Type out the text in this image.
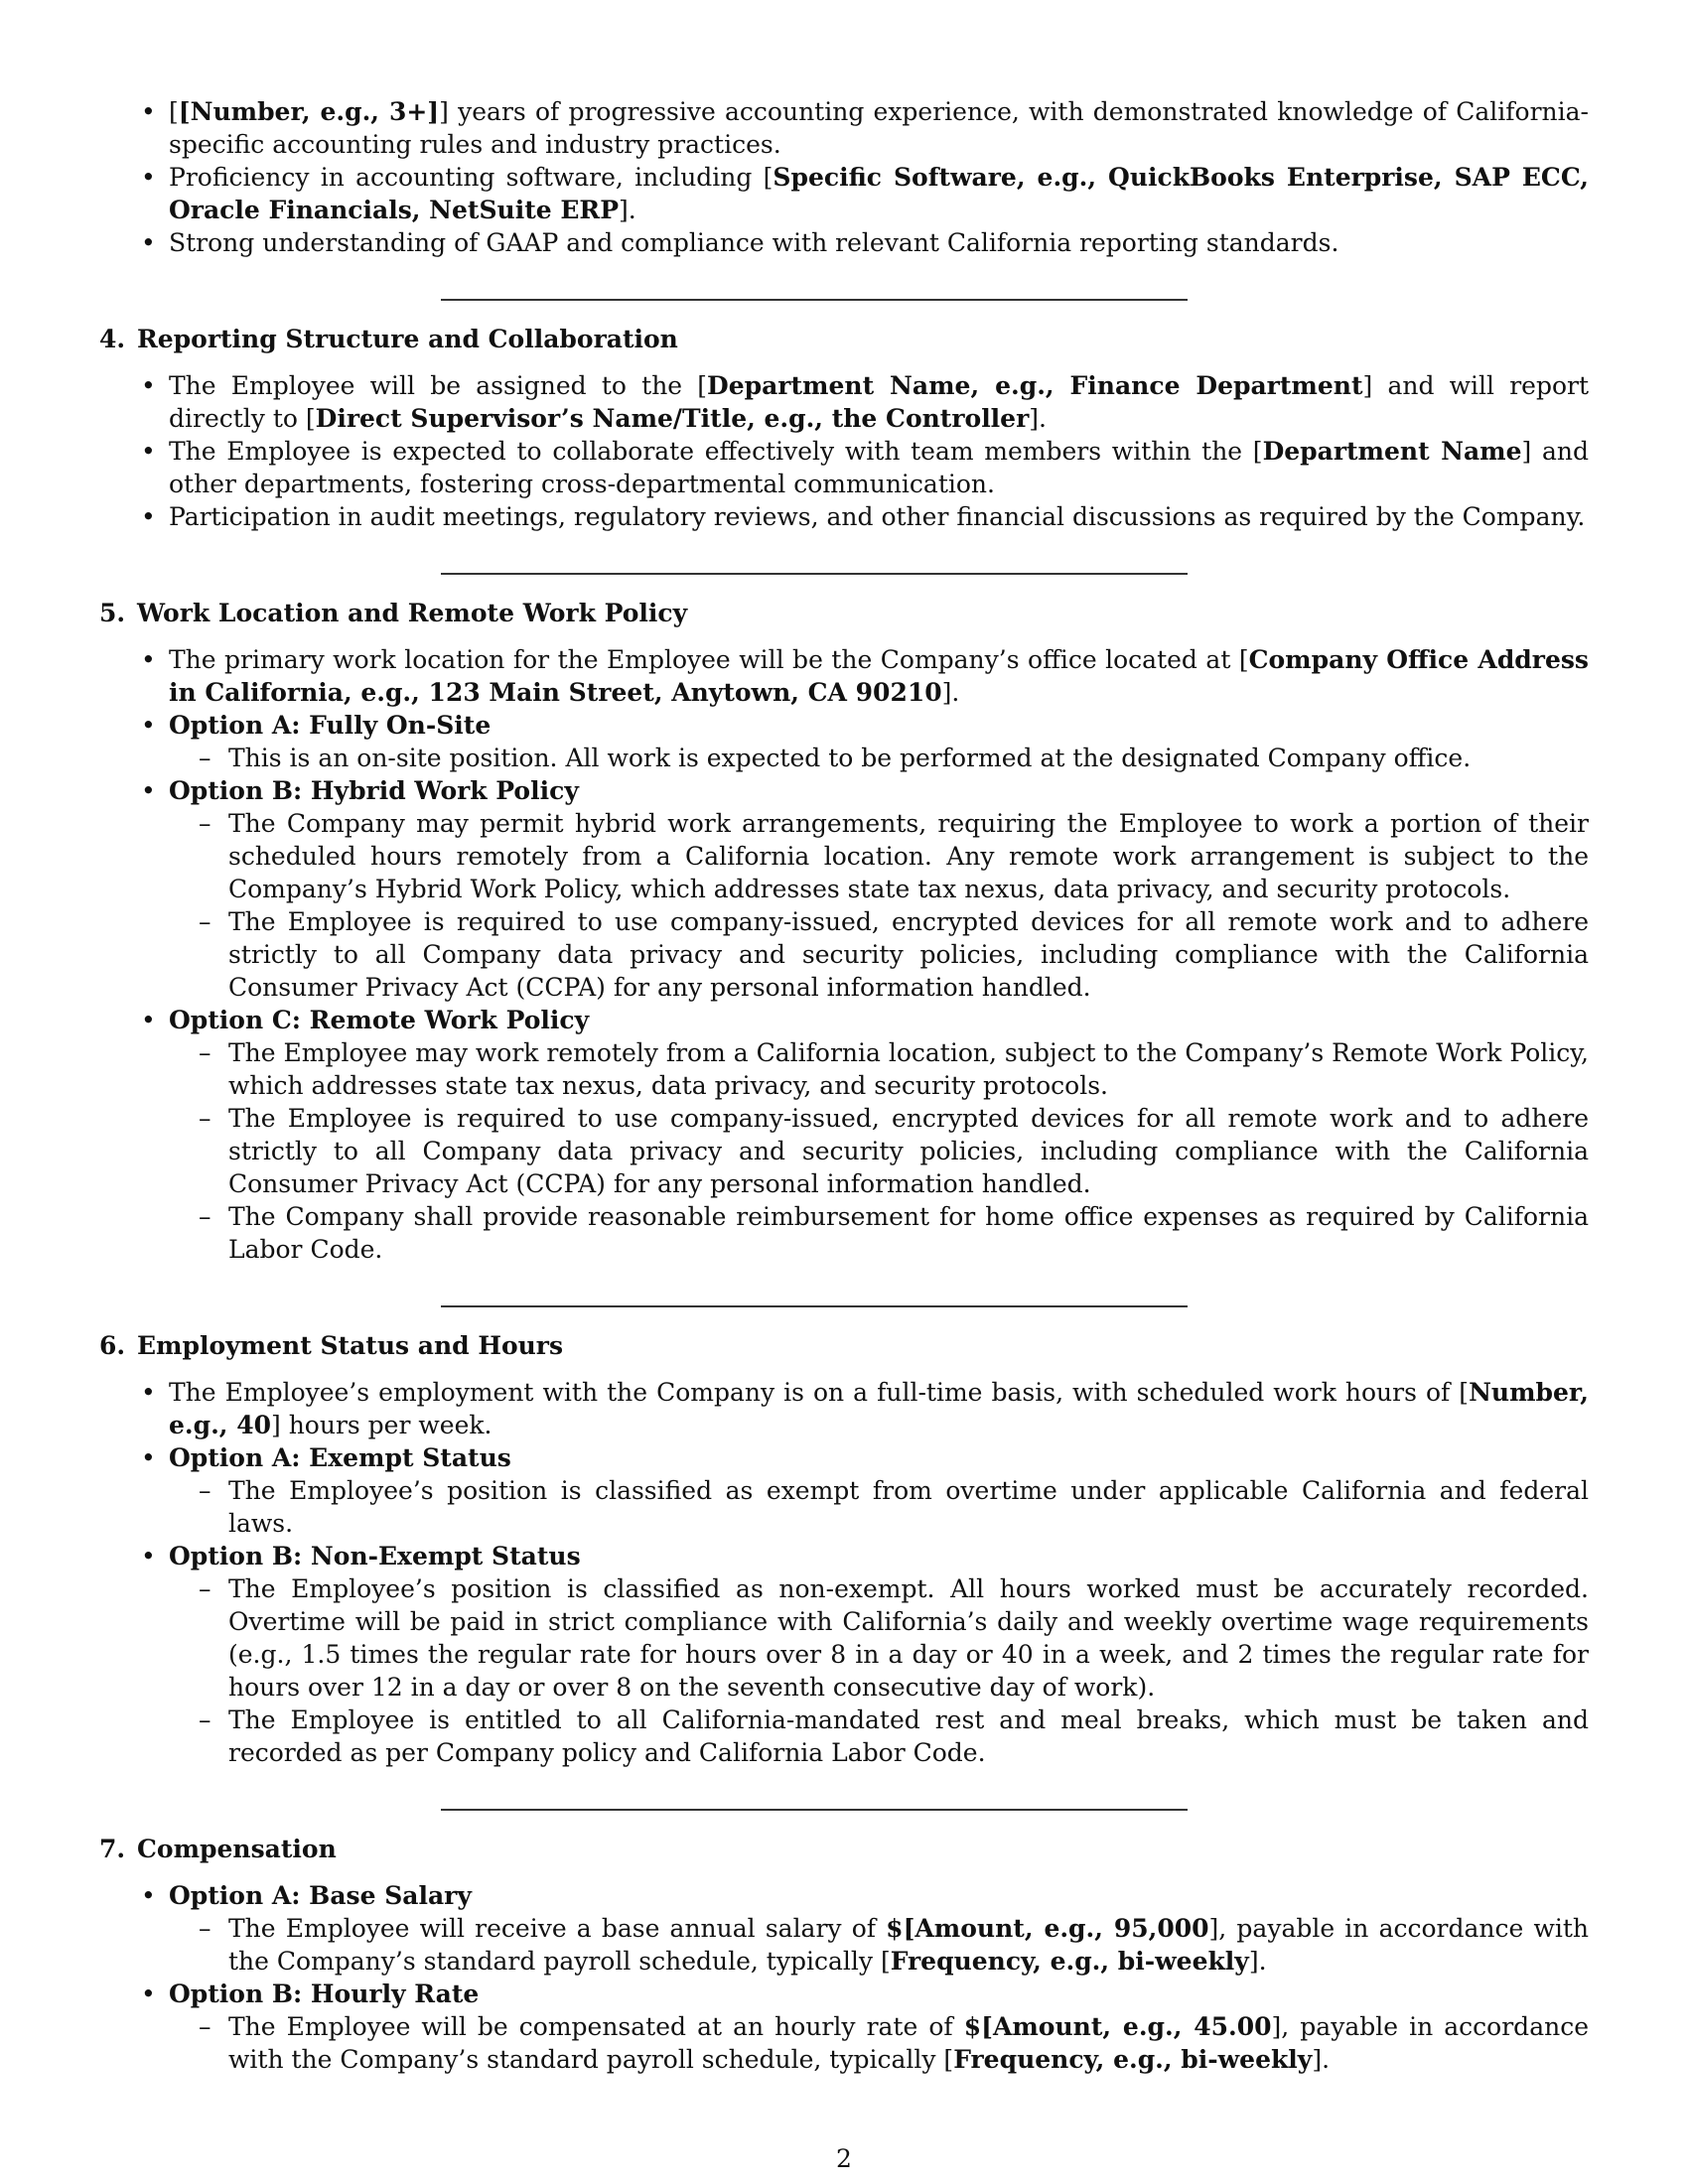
• [[Number, e.g., 3+]] years of progressive accounting experience, with demonstrated knowledge of California-specific accounting rules and industry practices.
• Proficiency in accounting software, including [Specific Software, e.g., QuickBooks Enterprise, SAP ECC, Oracle Financials, NetSuite ERP].
• Strong understanding of GAAP and compliance with relevant California reporting standards.
4. Reporting Structure and Collaboration
• The Employee will be assigned to the [Department Name, e.g., Finance Department] and will report directly to [Direct Supervisor’s Name/Title, e.g., the Controller].
• The Employee is expected to collaborate effectively with team members within the [Department Name] and other departments, fostering cross-departmental communication.
• Participation in audit meetings, regulatory reviews, and other financial discussions as required by the Company.
5. Work Location and Remote Work Policy
• The primary work location for the Employee will be the Company’s office located at [Company Office Address in California, e.g., 123 Main Street, Anytown, CA 90210].
• Option A: Fully On-Site
– This is an on-site position. All work is expected to be performed at the designated Company office.
• Option B: Hybrid Work Policy
– The Company may permit hybrid work arrangements, requiring the Employee to work a portion of their scheduled hours remotely from a California location. Any remote work arrangement is subject to the Company’s Hybrid Work Policy, which addresses state tax nexus, data privacy, and security protocols.
– The Employee is required to use company-issued, encrypted devices for all remote work and to adhere strictly to all Company data privacy and security policies, including compliance with the California Consumer Privacy Act (CCPA) for any personal information handled.
• Option C: Remote Work Policy
– The Employee may work remotely from a California location, subject to the Company’s Remote Work Policy, which addresses state tax nexus, data privacy, and security protocols.
– The Employee is required to use company-issued, encrypted devices for all remote work and to adhere strictly to all Company data privacy and security policies, including compliance with the California Consumer Privacy Act (CCPA) for any personal information handled.
– The Company shall provide reasonable reimbursement for home office expenses as required by California Labor Code.
6. Employment Status and Hours
• The Employee’s employment with the Company is on a full-time basis, with scheduled work hours of [Number, e.g., 40] hours per week.
• Option A: Exempt Status
– The Employee’s position is classified as exempt from overtime under applicable California and federal laws.
• Option B: Non-Exempt Status
– The Employee’s position is classified as non-exempt. All hours worked must be accurately recorded. Overtime will be paid in strict compliance with California’s daily and weekly overtime wage requirements (e.g., 1.5 times the regular rate for hours over 8 in a day or 40 in a week, and 2 times the regular rate for hours over 12 in a day or over 8 on the seventh consecutive day of work).
– The Employee is entitled to all California-mandated rest and meal breaks, which must be taken and recorded as per Company policy and California Labor Code.
7. Compensation
• Option A: Base Salary
– The Employee will receive a base annual salary of $[Amount, e.g., 95,000], payable in accordance with the Company’s standard payroll schedule, typically [Frequency, e.g., bi-weekly].
• Option B: Hourly Rate
– The Employee will be compensated at an hourly rate of $[Amount, e.g., 45.00], payable in accordance with the Company’s standard payroll schedule, typically [Frequency, e.g., bi-weekly].
2
